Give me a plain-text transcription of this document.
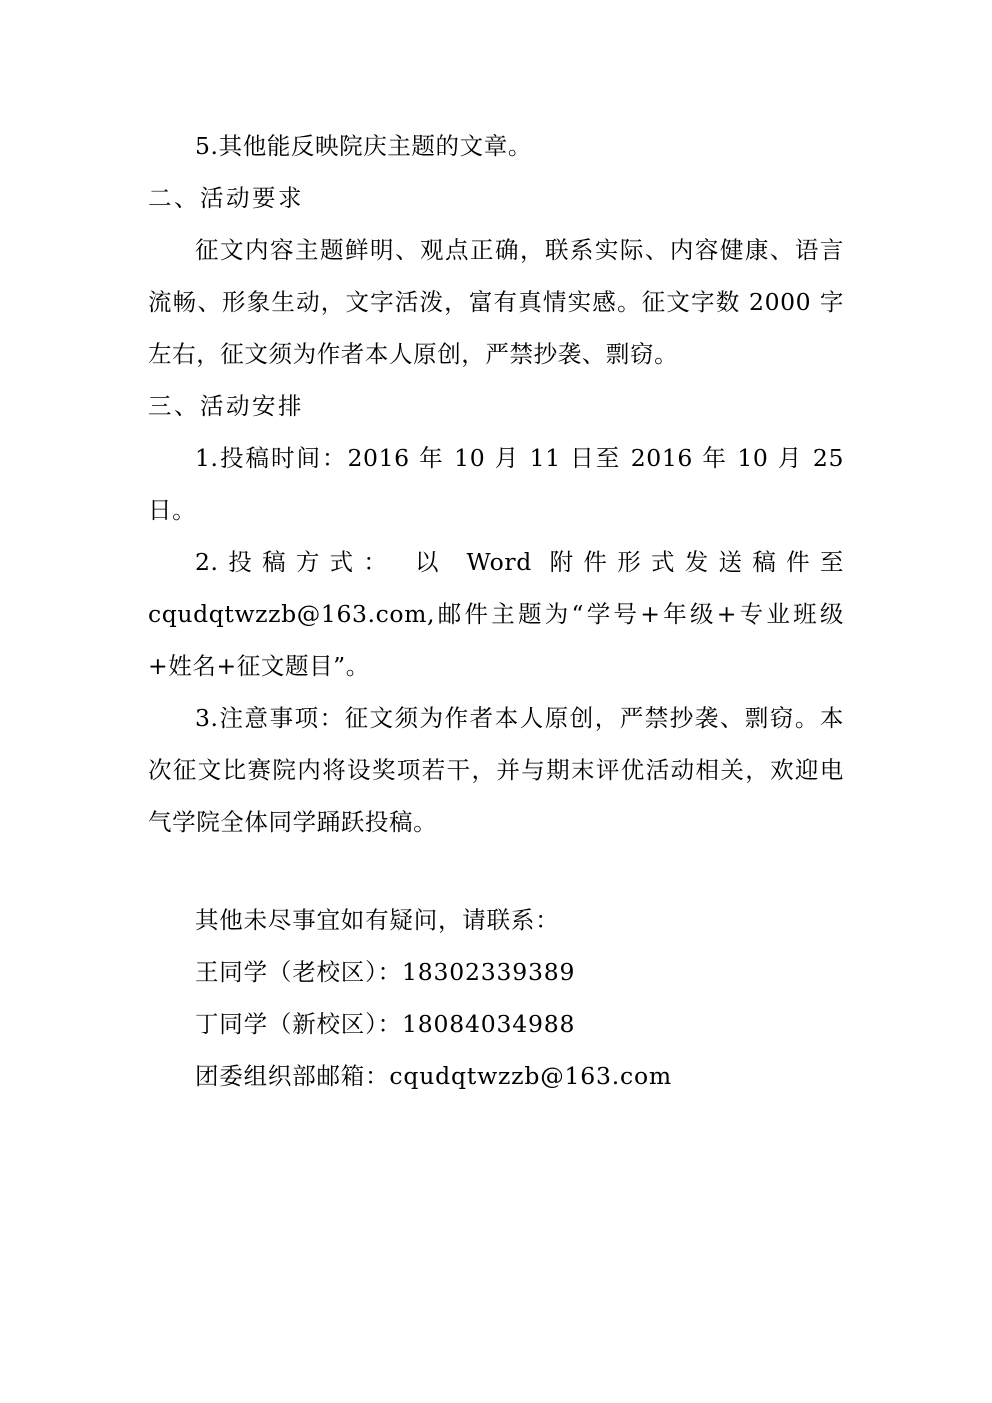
5.其他能反映院庆主题的文章。

二、活动要求

征文内容主题鲜明、观点正确，联系实际、内容健康、语言流畅、形象生动，文字活泼，富有真情实感。征文字数 2000 字左右，征文须为作者本人原创，严禁抄袭、剽窃。

三、活动安排

1.投稿时间：2016 年 10 月 11 日至 2016 年 10 月 25 日。

2.投稿方式： 以 Word 附件形式发送稿件至 cqudqtwzzb@163.com,邮件主题为“学号+年级+专业班级+姓名+征文题目”。

3.注意事项：征文须为作者本人原创，严禁抄袭、剽窃。本次征文比赛院内将设奖项若干，并与期末评优活动相关，欢迎电气学院全体同学踊跃投稿。

其他未尽事宜如有疑问，请联系：

王同学（老校区）：18302339389

丁同学（新校区）：18084034988

团委组织部邮箱：cqudqtwzzb@163.com
